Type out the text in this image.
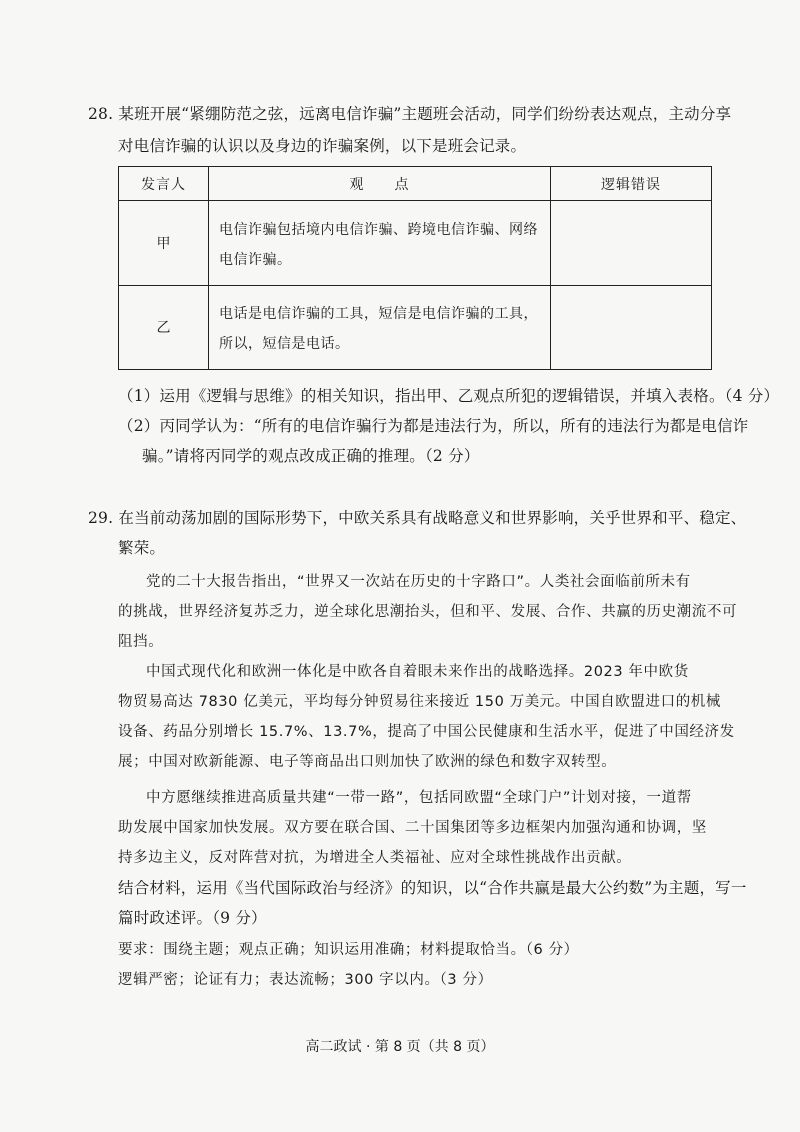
28. 某班开展“紧绷防范之弦，远离电信诈骗”主题班会活动，同学们纷纷表达观点，主动分享
对电信诈骗的认识以及身边的诈骗案例，以下是班会记录。
发言人	观　　点	逻辑错误
甲	电信诈骗包括境内电信诈骗、跨境电信诈骗、网络
电信诈骗。	

乙	电话是电信诈骗的工具，短信是电信诈骗的工具，
所以，短信是电话。	

（1）运用《逻辑与思维》的相关知识，指出甲、乙观点所犯的逻辑错误，并填入表格。（4 分）
（2）丙同学认为：“所有的电信诈骗行为都是违法行为，所以，所有的违法行为都是电信诈
骗。”请将丙同学的观点改成正确的推理。（2 分）
29. 在当前动荡加剧的国际形势下，中欧关系具有战略意义和世界影响，关乎世界和平、稳定、
繁荣。
党的二十大报告指出，“世界又一次站在历史的十字路口”。人类社会面临前所未有
的挑战，世界经济复苏乏力，逆全球化思潮抬头，但和平、发展、合作、共赢的历史潮流不可
阻挡。
中国式现代化和欧洲一体化是中欧各自着眼未来作出的战略选择。2023 年中欧货
物贸易高达 7830 亿美元，平均每分钟贸易往来接近 150 万美元。中国自欧盟进口的机械
设备、药品分别增长 15.7%、13.7%，提高了中国公民健康和生活水平，促进了中国经济发
展；中国对欧新能源、电子等商品出口则加快了欧洲的绿色和数字双转型。
中方愿继续推进高质量共建“一带一路”，包括同欧盟“全球门户”计划对接，一道帮
助发展中国家加快发展。双方要在联合国、二十国集团等多边框架内加强沟通和协调，坚
持多边主义，反对阵营对抗，为增进全人类福祉、应对全球性挑战作出贡献。
结合材料，运用《当代国际政治与经济》的知识，以“合作共赢是最大公约数”为主题，写一
篇时政述评。（9 分）
要求：围绕主题；观点正确；知识运用准确；材料提取恰当。（6 分）
逻辑严密；论证有力；表达流畅；300 字以内。（3 分）
高二政试 · 第 8 页（共 8 页）
